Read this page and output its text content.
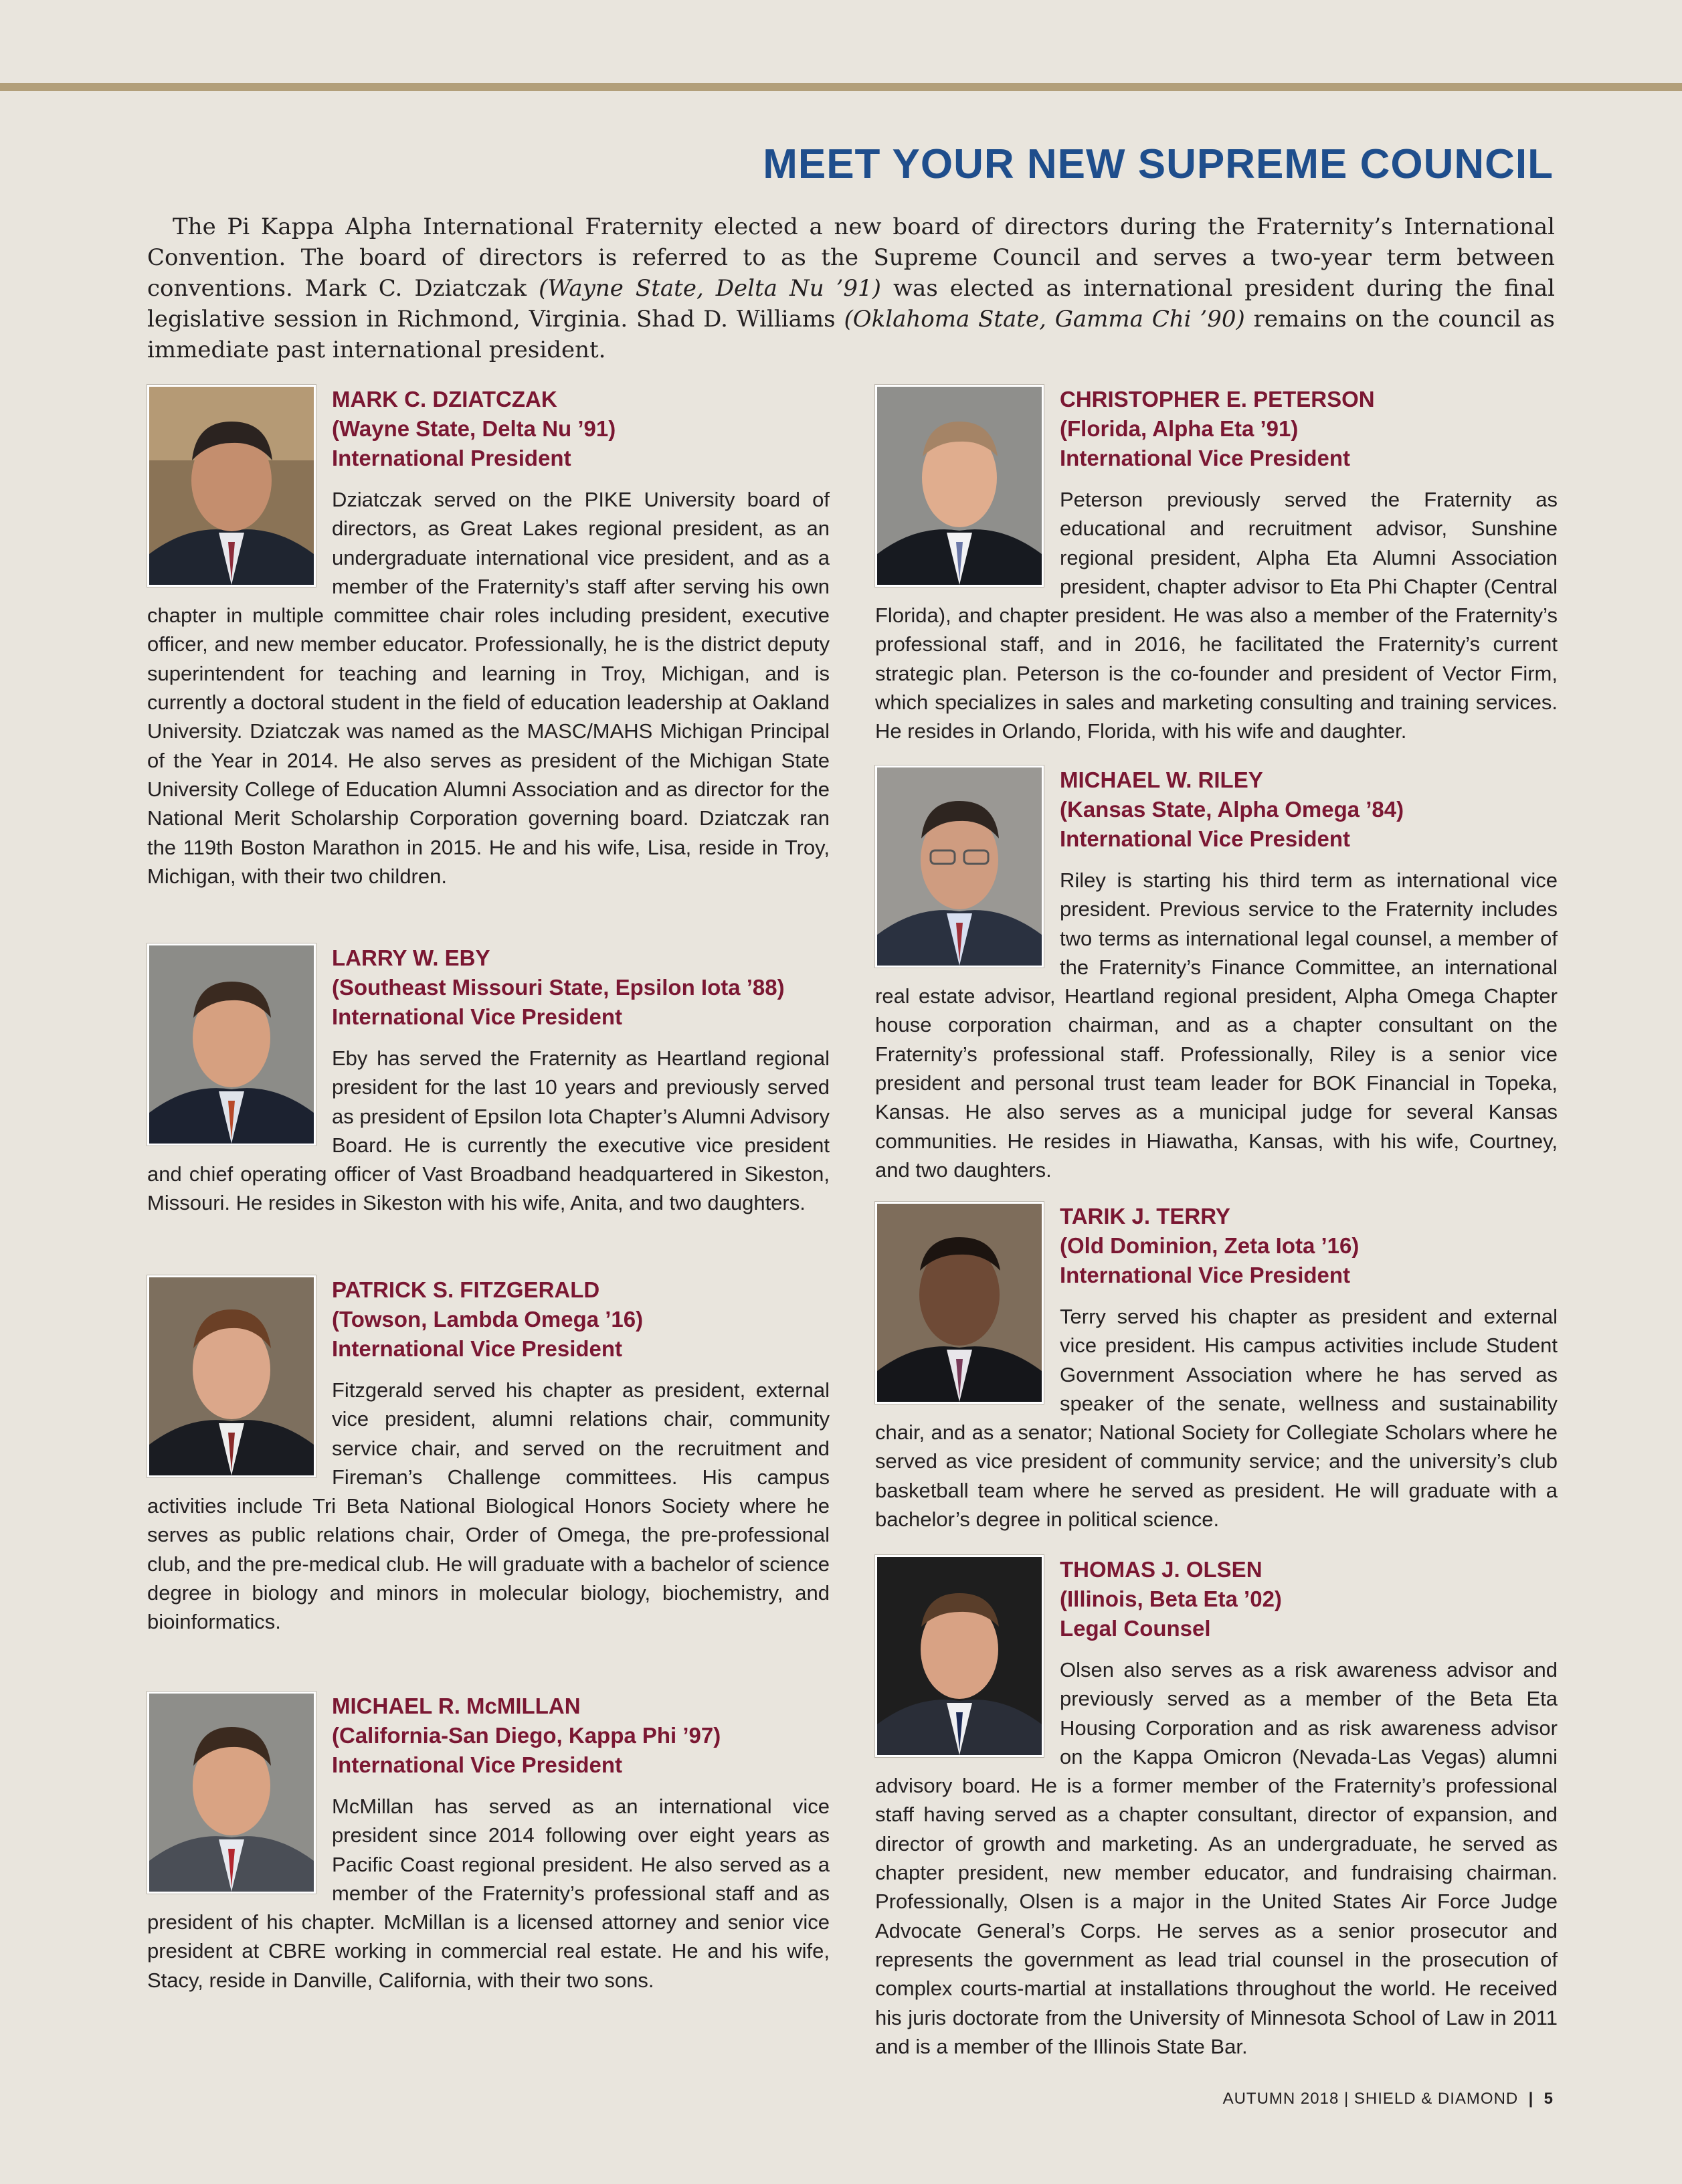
MEET YOUR NEW SUPREME COUNCIL

The Pi Kappa Alpha International Fraternity elected a new board of directors during the Fraternity’s International Convention. The board of directors is referred to as the Supreme Council and serves a two-year term between conventions. Mark C. Dziatczak (Wayne State, Delta Nu ’91) was elected as international president during the final legislative session in Richmond, Virginia. Shad D. Williams (Oklahoma State, Gamma Chi ’90) remains on the council as immediate past international president.

MARK C. DZIATCZAK

(Wayne State, Delta Nu ’91)

International President

Dziatczak served on the PIKE University board of directors, as Great Lakes regional president, as an undergraduate international vice president, and as a member of the Fraternity’s staff after serving his own chapter in multiple committee chair roles including president, executive officer, and new member educator. Professionally, he is the district deputy superintendent for teaching and learning in Troy, Michigan, and is currently a doctoral student in the field of education leadership at Oakland University. Dziatczak was named as the MASC/MAHS Michigan Principal of the Year in 2014. He also serves as president of the Michigan State University College of Education Alumni Association and as director for the National Merit Scholarship Corporation governing board. Dziatczak ran the 119th Boston Marathon in 2015. He and his wife, Lisa, reside in Troy, Michigan, with their two children.

LARRY W. EBY

(Southeast Missouri State, Epsilon Iota ’88)

International Vice President

Eby has served the Fraternity as Heartland regional president for the last 10 years and previously served as president of Epsilon Iota Chapter’s Alumni Advisory Board. He is currently the executive vice president and chief operating officer of Vast Broadband headquartered in Sikeston, Missouri. He resides in Sikeston with his wife, Anita, and two daughters.

PATRICK S. FITZGERALD

(Towson, Lambda Omega ’16)

International Vice President

Fitzgerald served his chapter as president, external vice president, alumni relations chair, community service chair, and served on the recruitment and Fireman’s Challenge committees. His campus activities include Tri Beta National Biological Honors Society where he serves as public relations chair, Order of Omega, the pre-professional club, and the pre-medical club. He will graduate with a bachelor of science degree in biology and minors in molecular biology, biochemistry, and bioinformatics.

MICHAEL R. McMILLAN

(California-San Diego, Kappa Phi ’97)

International Vice President

McMillan has served as an international vice president since 2014 following over eight years as Pacific Coast regional president. He also served as a member of the Fraternity’s professional staff and as president of his chapter. McMillan is a licensed attorney and senior vice president at CBRE working in commercial real estate. He and his wife, Stacy, reside in Danville, California, with their two sons.

CHRISTOPHER E. PETERSON

(Florida, Alpha Eta ’91)

International Vice President

Peterson previously served the Fraternity as educational and recruitment advisor, Sunshine regional president, Alpha Eta Alumni Association president, chapter advisor to Eta Phi Chapter (Central Florida), and chapter president. He was also a member of the Fraternity’s professional staff, and in 2016, he facilitated the Fraternity’s current strategic plan. Peterson is the co-founder and president of Vector Firm, which specializes in sales and marketing consulting and training services. He resides in Orlando, Florida, with his wife and daughter.

MICHAEL W. RILEY

(Kansas State, Alpha Omega ’84)

International Vice President

Riley is starting his third term as international vice president. Previous service to the Fraternity includes two terms as international legal counsel, a member of the Fraternity’s Finance Committee, an international real estate advisor, Heartland regional president, Alpha Omega Chapter house corporation chairman, and as a chapter consultant on the Fraternity’s professional staff. Professionally, Riley is a senior vice president and personal trust team leader for BOK Financial in Topeka, Kansas. He also serves as a municipal judge for several Kansas communities. He resides in Hiawatha, Kansas, with his wife, Courtney, and two daughters.

TARIK J. TERRY

(Old Dominion, Zeta Iota ’16)

International Vice President

Terry served his chapter as president and external vice president. His campus activities include Student Government Association where he has served as speaker of the senate, wellness and sustainability chair, and as a senator; National Society for Collegiate Scholars where he served as vice president of community service; and the university’s club basketball team where he served as president. He will graduate with a bachelor’s degree in political science.

THOMAS J. OLSEN

(Illinois, Beta Eta ’02)

Legal Counsel

Olsen also serves as a risk awareness advisor and previously served as a member of the Beta Eta Housing Corporation and as risk awareness advisor on the Kappa Omicron (Nevada-Las Vegas) alumni advisory board. He is a former member of the Fraternity’s professional staff having served as a chapter consultant, director of expansion, and director of growth and marketing. As an undergraduate, he served as chapter president, new member educator, and fundraising chairman. Professionally, Olsen is a major in the United States Air Force Judge Advocate General’s Corps. He serves as a senior prosecutor and represents the government as lead trial counsel in the prosecution of complex courts-martial at installations throughout the world. He received his juris doctorate from the University of Minnesota School of Law in 2011 and is a member of the Illinois State Bar.

AUTUMN 2018 | SHIELD & DIAMOND | 5
